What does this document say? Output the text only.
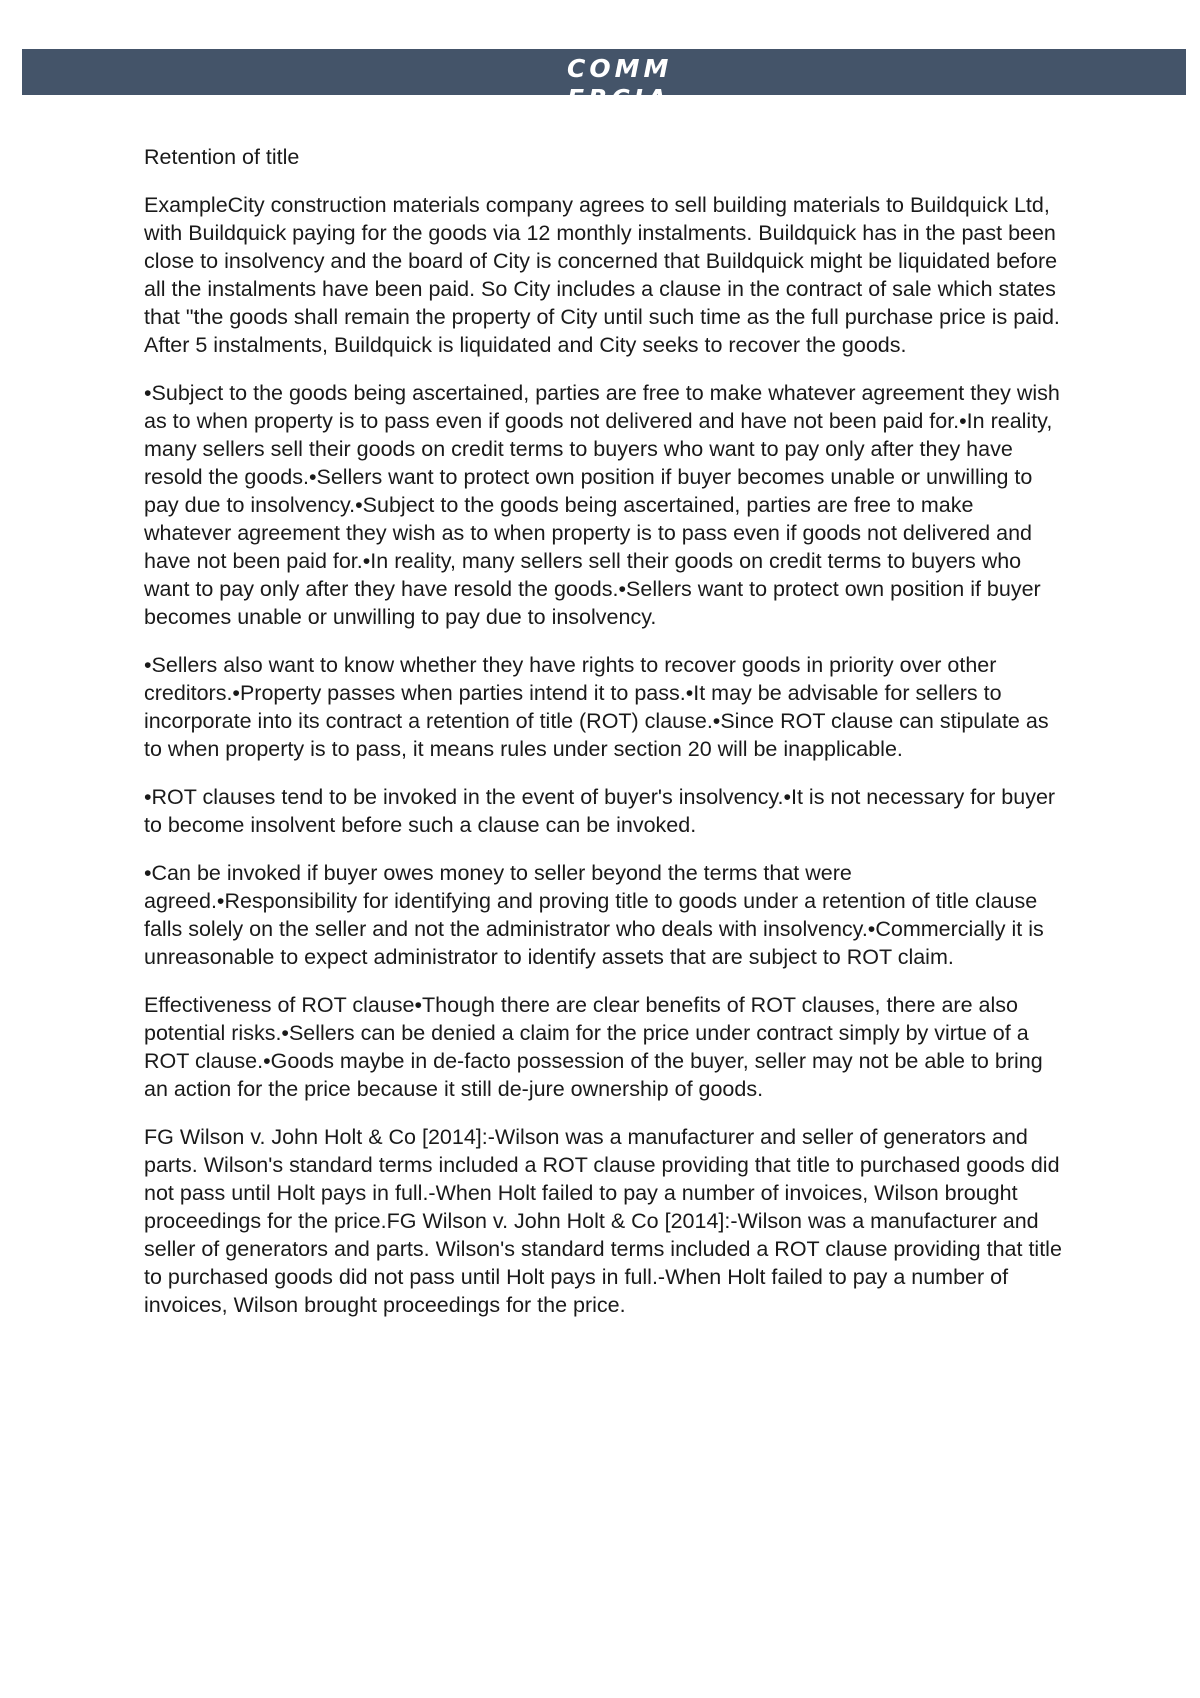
COMMERCIAL

Retention of title

ExampleCity construction materials company agrees to sell building materials to Buildquick Ltd, with Buildquick paying for the goods via 12 monthly instalments. Buildquick has in the past been close to insolvency and the board of City is concerned that Buildquick might be liquidated before all the instalments have been paid. So City includes a clause in the contract of sale which states that "the goods shall remain the property of City until such time as the full purchase price is paid. After 5 instalments, Buildquick is liquidated and City seeks to recover the goods.

•Subject to the goods being ascertained, parties are free to make whatever agreement they wish as to when property is to pass even if goods not delivered and have not been paid for.•In reality, many sellers sell their goods on credit terms to buyers who want to pay only after they have resold the goods.•Sellers want to protect own position if buyer becomes unable or unwilling to pay due to insolvency.•Subject to the goods being ascertained, parties are free to make whatever agreement they wish as to when property is to pass even if goods not delivered and have not been paid for.•In reality, many sellers sell their goods on credit terms to buyers who want to pay only after they have resold the goods.•Sellers want to protect own position if buyer becomes unable or unwilling to pay due to insolvency.

•Sellers also want to know whether they have rights to recover goods in priority over other creditors.•Property passes when parties intend it to pass.•It may be advisable for sellers to incorporate into its contract a retention of title (ROT) clause.•Since ROT clause can stipulate as to when property is to pass, it means rules under section 20 will be inapplicable.

•ROT clauses tend to be invoked in the event of buyer's insolvency.•It is not necessary for buyer to become insolvent before such a clause can be invoked.

•Can be invoked if buyer owes money to seller beyond the terms that were agreed.•Responsibility for identifying and proving title to goods under a retention of title clause falls solely on the seller and not the administrator who deals with insolvency.•Commercially it is unreasonable to expect administrator to identify assets that are subject to ROT claim.

Effectiveness of ROT clause•Though there are clear benefits of ROT clauses, there are also potential risks.•Sellers can be denied a claim for the price under contract simply by virtue of a ROT clause.•Goods maybe in de-facto possession of the buyer, seller may not be able to bring an action for the price because it still de-jure ownership of goods.

FG Wilson v. John Holt & Co [2014]:-Wilson was a manufacturer and seller of generators and parts. Wilson's standard terms included a ROT clause providing that title to purchased goods did not pass until Holt pays in full.-When Holt failed to pay a number of invoices, Wilson brought proceedings for the price.FG Wilson v. John Holt & Co [2014]:-Wilson was a manufacturer and seller of generators and parts. Wilson's standard terms included a ROT clause providing that title to purchased goods did not pass until Holt pays in full.-When Holt failed to pay a number of invoices, Wilson brought proceedings for the price.
